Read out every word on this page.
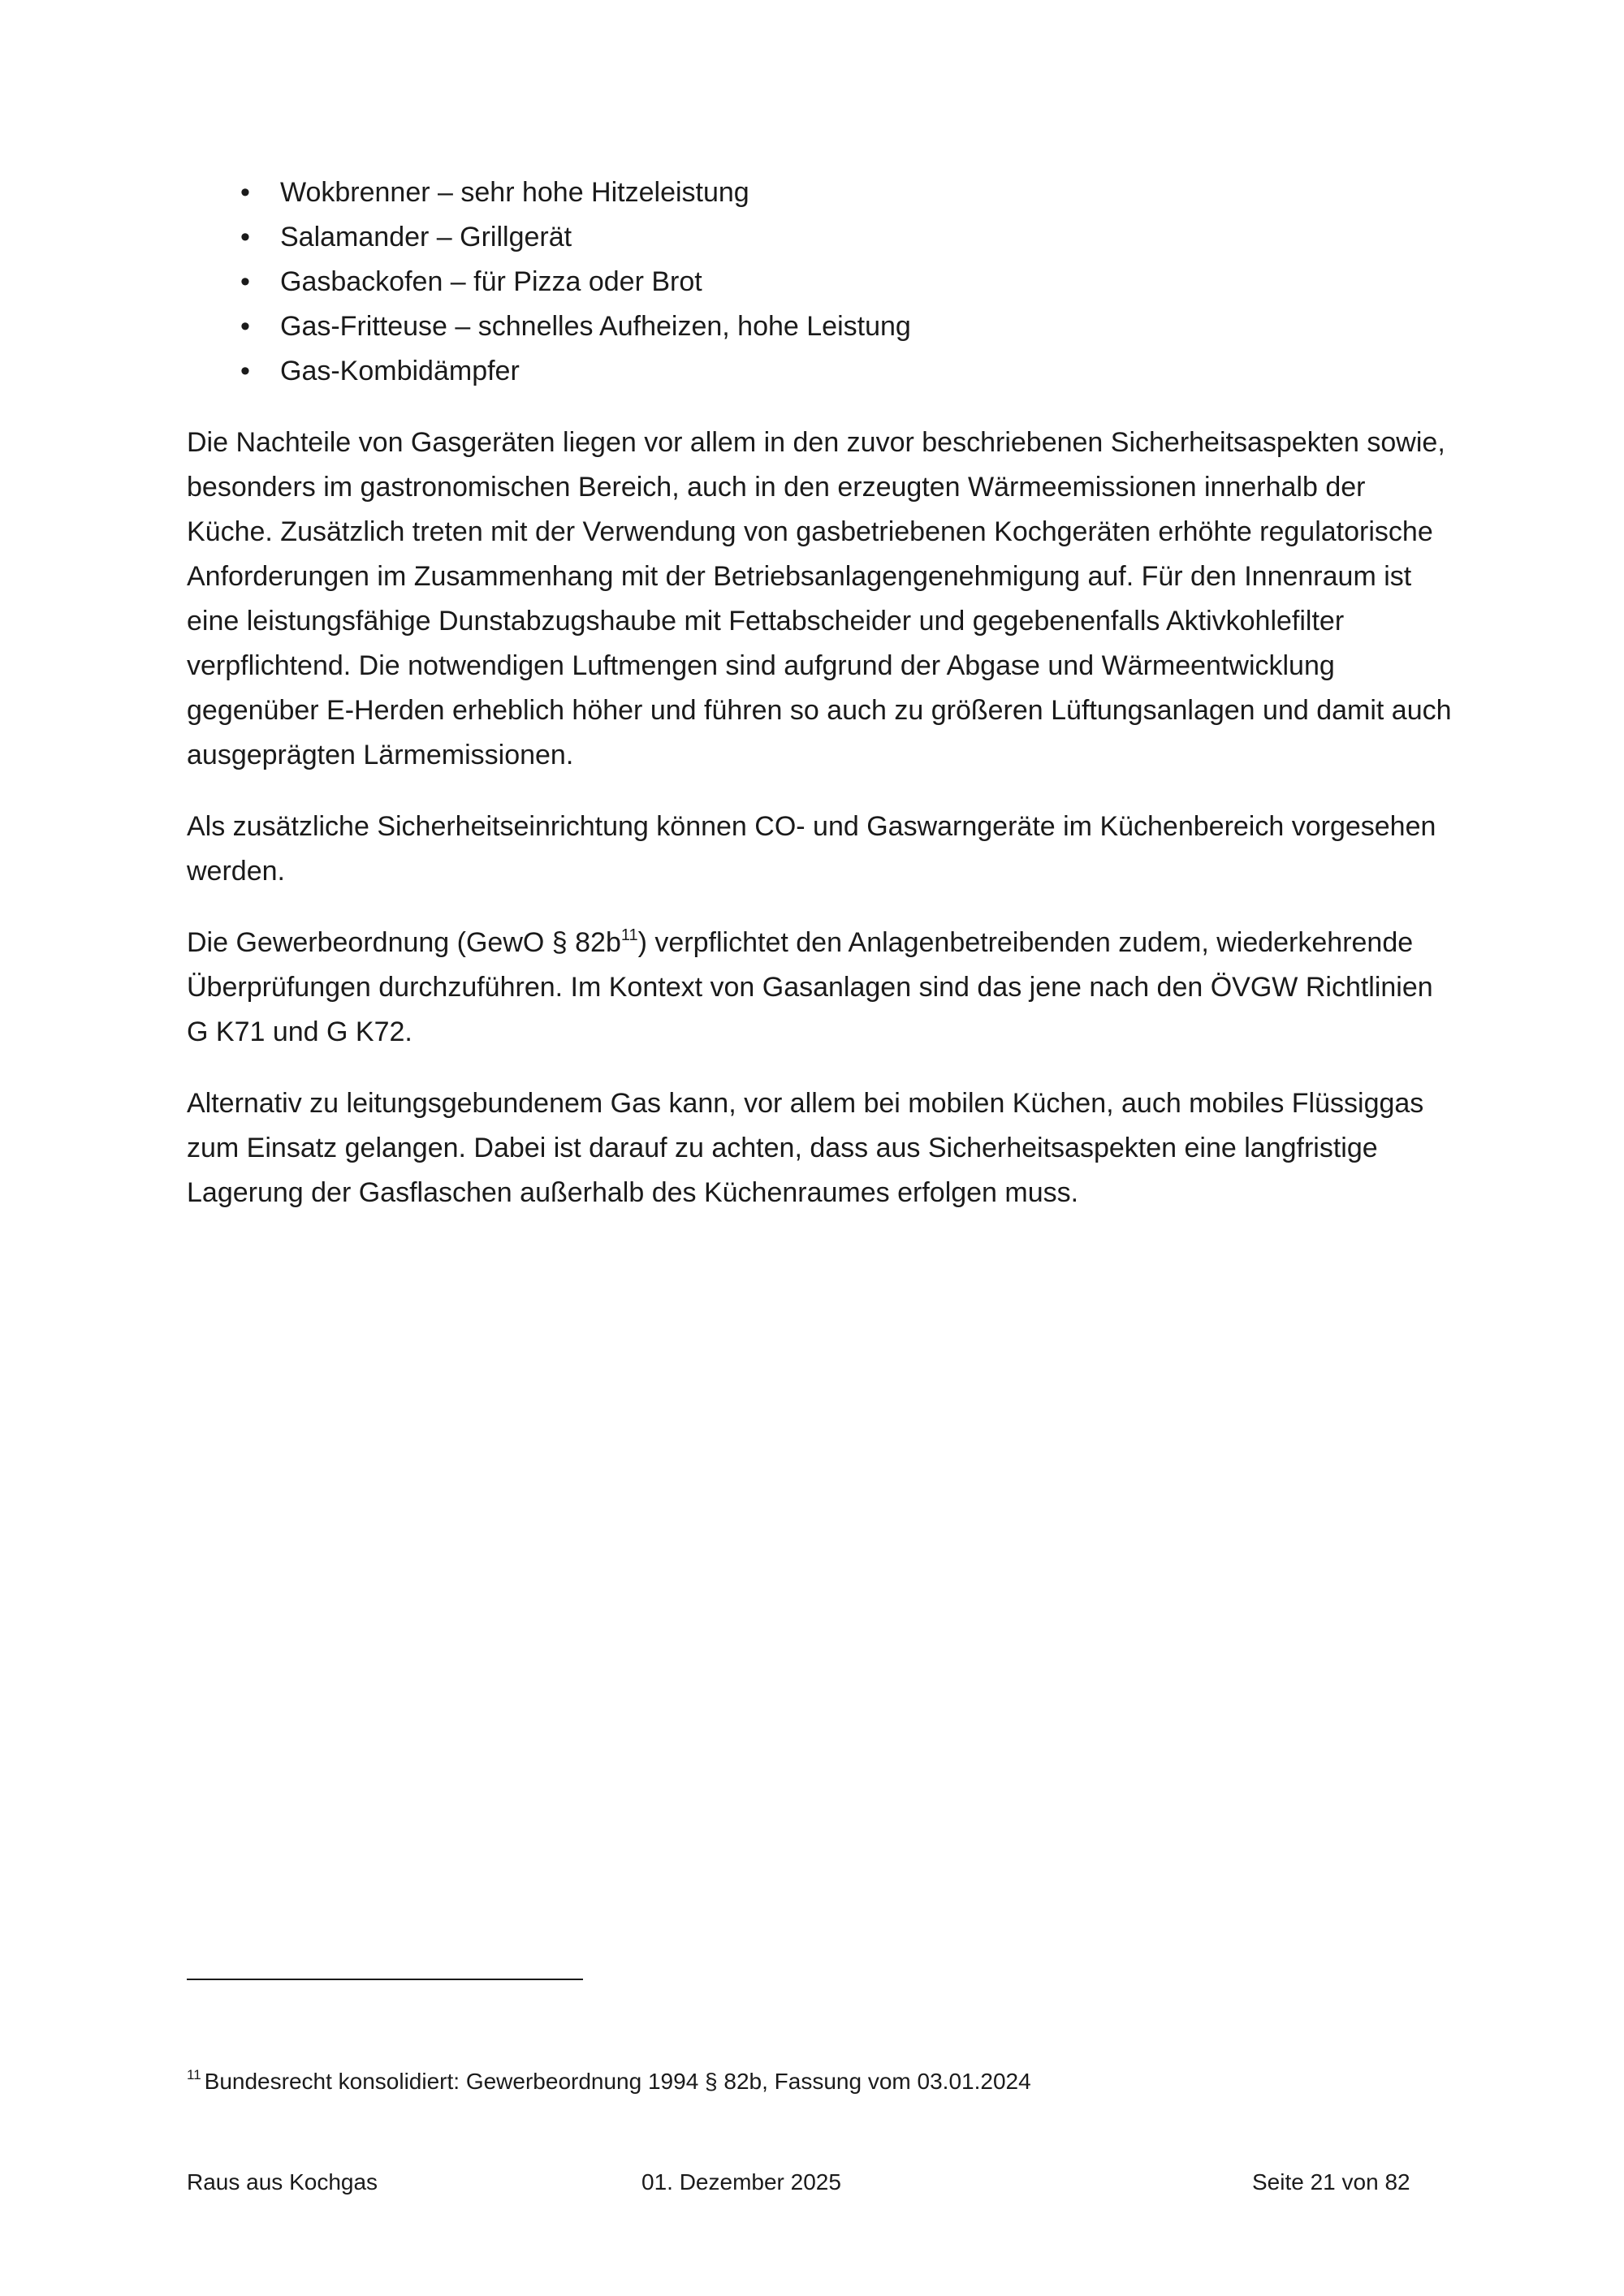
• Wokbrenner – sehr hohe Hitzeleistung
• Salamander – Grillgerät
• Gasbackofen – für Pizza oder Brot
• Gas-Fritteuse – schnelles Aufheizen, hohe Leistung
• Gas-Kombidämpfer

Die Nachteile von Gasgeräten liegen vor allem in den zuvor beschriebenen Sicherheitsaspekten sowie, besonders im gastronomischen Bereich, auch in den erzeugten Wärmeemissionen innerhalb der Küche. Zusätzlich treten mit der Verwendung von gasbetriebenen Kochgeräten erhöhte regulatorische Anforderungen im Zusammenhang mit der Betriebsanlagengenehmigung auf. Für den Innenraum ist eine leistungsfähige Dunstabzugshaube mit Fettabscheider und gegebenenfalls Aktivkohlefilter verpflichtend. Die notwendigen Luftmengen sind aufgrund der Abgase und Wärmeentwicklung gegenüber E-Herden erheblich höher und führen so auch zu größeren Lüftungsanlagen und damit auch ausgeprägten Lärmemissionen.

Als zusätzliche Sicherheitseinrichtung können CO- und Gaswarngeräte im Küchenbereich vorgesehen werden.

Die Gewerbeordnung (GewO § 82b$^{11}$) verpflichtet den Anlagenbetreibenden zudem, wiederkehrende Überprüfungen durchzuführen. Im Kontext von Gasanlagen sind das jene nach den ÖVGW Richtlinien G K71 und G K72.

Alternativ zu leitungsgebundenem Gas kann, vor allem bei mobilen Küchen, auch mobiles Flüssiggas zum Einsatz gelangen. Dabei ist darauf zu achten, dass aus Sicherheitsaspekten eine langfristige Lagerung der Gasflaschen außerhalb des Küchenraumes erfolgen muss.

$^{11}$ Bundesrecht konsolidiert: Gewerbeordnung 1994 § 82b, Fassung vom 03.01.2024
Raus aus Kochgas	01. Dezember 2025	Seite 21 von 82
